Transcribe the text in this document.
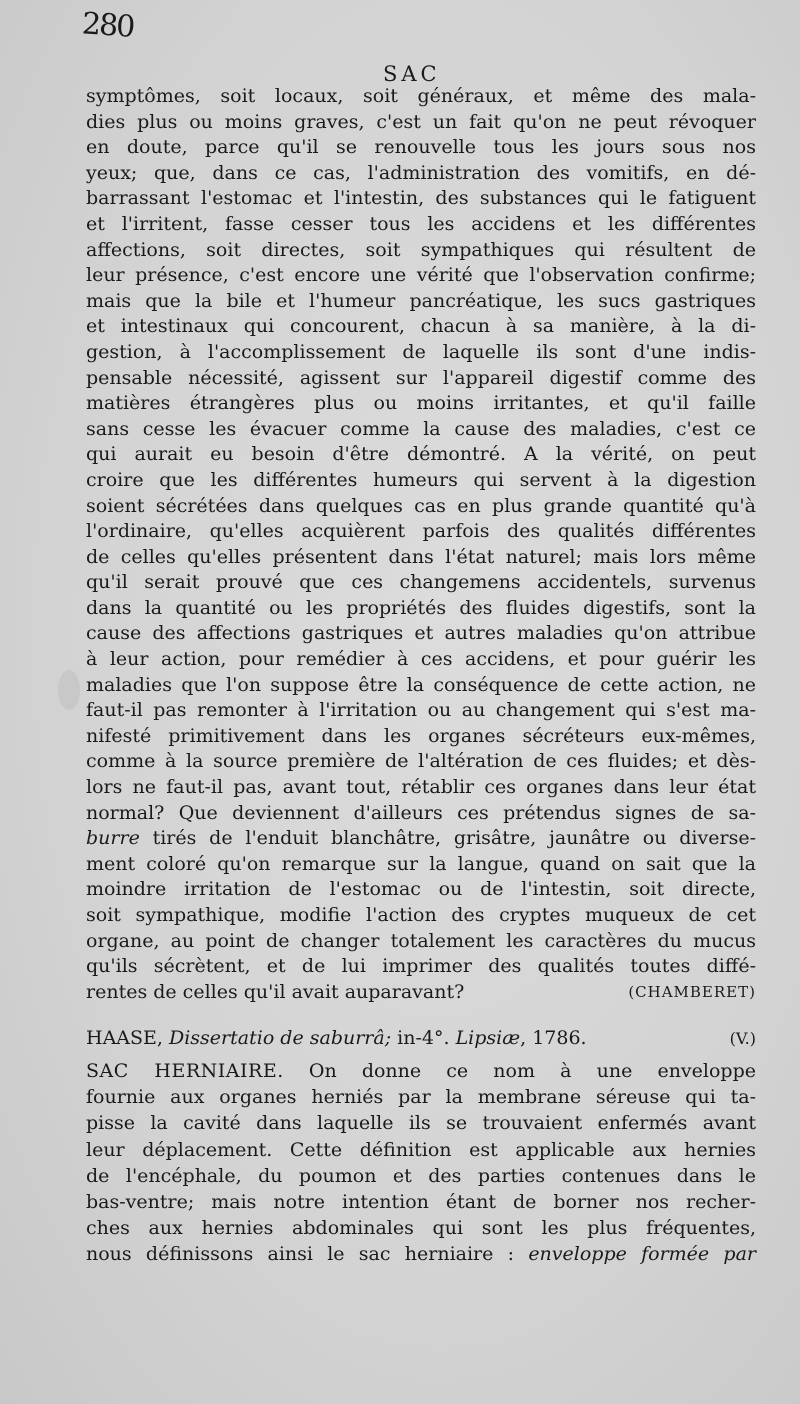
280
SAC
symptômes, soit locaux, soit généraux, et même des mala-
dies plus ou moins graves, c'est un fait qu'on ne peut révoquer
en doute, parce qu'il se renouvelle tous les jours sous nos
yeux; que, dans ce cas, l'administration des vomitifs, en dé-
barrassant l'estomac et l'intestin, des substances qui le fatiguent
et l'irritent, fasse cesser tous les accidens et les différentes
affections, soit directes, soit sympathiques qui résultent de
leur présence, c'est encore une vérité que l'observation confirme;
mais que la bile et l'humeur pancréatique, les sucs gastriques
et intestinaux qui concourent, chacun à sa manière, à la di-
gestion, à l'accomplissement de laquelle ils sont d'une indis-
pensable nécessité, agissent sur l'appareil digestif comme des
matières étrangères plus ou moins irritantes, et qu'il faille
sans cesse les évacuer comme la cause des maladies, c'est ce
qui aurait eu besoin d'être démontré. A la vérité, on peut
croire que les différentes humeurs qui servent à la digestion
soient sécrétées dans quelques cas en plus grande quantité qu'à
l'ordinaire, qu'elles acquièrent parfois des qualités différentes
de celles qu'elles présentent dans l'état naturel; mais lors même
qu'il serait prouvé que ces changemens accidentels, survenus
dans la quantité ou les propriétés des fluides digestifs, sont la
cause des affections gastriques et autres maladies qu'on attribue
à leur action, pour remédier à ces accidens, et pour guérir les
maladies que l'on suppose être la conséquence de cette action, ne
faut-il pas remonter à l'irritation ou au changement qui s'est ma-
nifesté primitivement dans les organes sécréteurs eux-mêmes,
comme à la source première de l'altération de ces fluides; et dès-
lors ne faut-il pas, avant tout, rétablir ces organes dans leur état
normal? Que deviennent d'ailleurs ces prétendus signes de sa-
burre tirés de l'enduit blanchâtre, grisâtre, jaunâtre ou diverse-
ment coloré qu'on remarque sur la langue, quand on sait que la
moindre irritation de l'estomac ou de l'intestin, soit directe,
soit sympathique, modifie l'action des cryptes muqueux de cet
organe, au point de changer totalement les caractères du mucus
qu'ils sécrètent, et de lui imprimer des qualités toutes diffé-
rentes de celles qu'il avait auparavant?	(CHAMBERET)
HAASE, Dissertatio de saburrâ; in-4°. Lipsiæ, 1786.	(V.)
SAC HERNIAIRE. On donne ce nom à une enveloppe
fournie aux organes herniés par la membrane séreuse qui ta-
pisse la cavité dans laquelle ils se trouvaient enfermés avant
leur déplacement. Cette définition est applicable aux hernies
de l'encéphale, du poumon et des parties contenues dans le
bas-ventre; mais notre intention étant de borner nos recher-
ches aux hernies abdominales qui sont les plus fréquentes,
nous définissons ainsi le sac herniaire : enveloppe formée par
